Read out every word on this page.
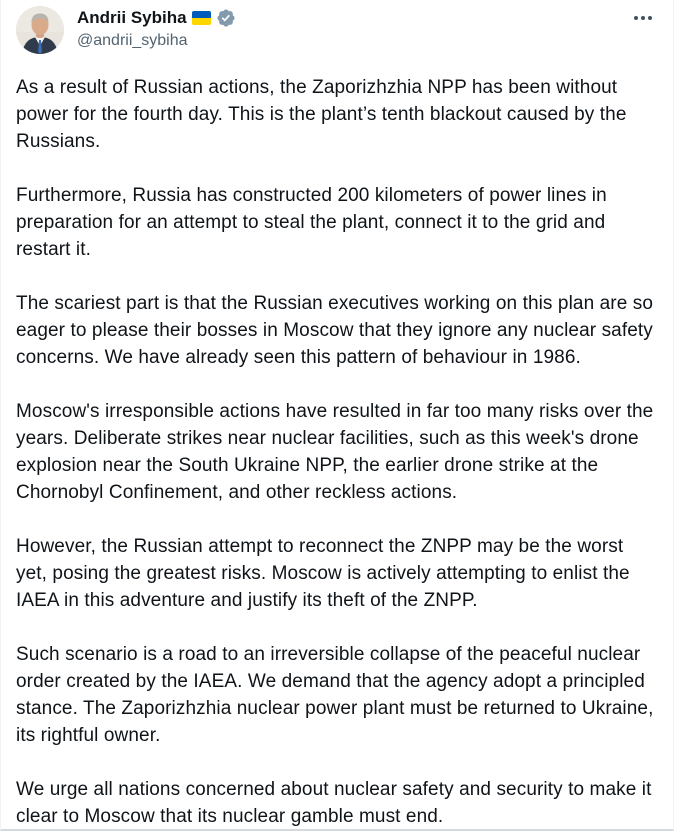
Andrii Sybiha
@andrii_sybiha

As a result of Russian actions, the Zaporizhzhia NPP has been without power for the fourth day. This is the plant’s tenth blackout caused by the Russians.

Furthermore, Russia has constructed 200 kilometers of power lines in preparation for an attempt to steal the plant, connect it to the grid and restart it.

The scariest part is that the Russian executives working on this plan are so eager to please their bosses in Moscow that they ignore any nuclear safety concerns. We have already seen this pattern of behaviour in 1986.

Moscow's irresponsible actions have resulted in far too many risks over the years. Deliberate strikes near nuclear facilities, such as this week's drone explosion near the South Ukraine NPP, the earlier drone strike at the Chornobyl Confinement, and other reckless actions.

However, the Russian attempt to reconnect the ZNPP may be the worst yet, posing the greatest risks. Moscow is actively attempting to enlist the IAEA in this adventure and justify its theft of the ZNPP.

Such scenario is a road to an irreversible collapse of the peaceful nuclear order created by the IAEA. We demand that the agency adopt a principled stance. The Zaporizhzhia nuclear power plant must be returned to Ukraine, its rightful owner.

We urge all nations concerned about nuclear safety and security to make it clear to Moscow that its nuclear gamble must end.
